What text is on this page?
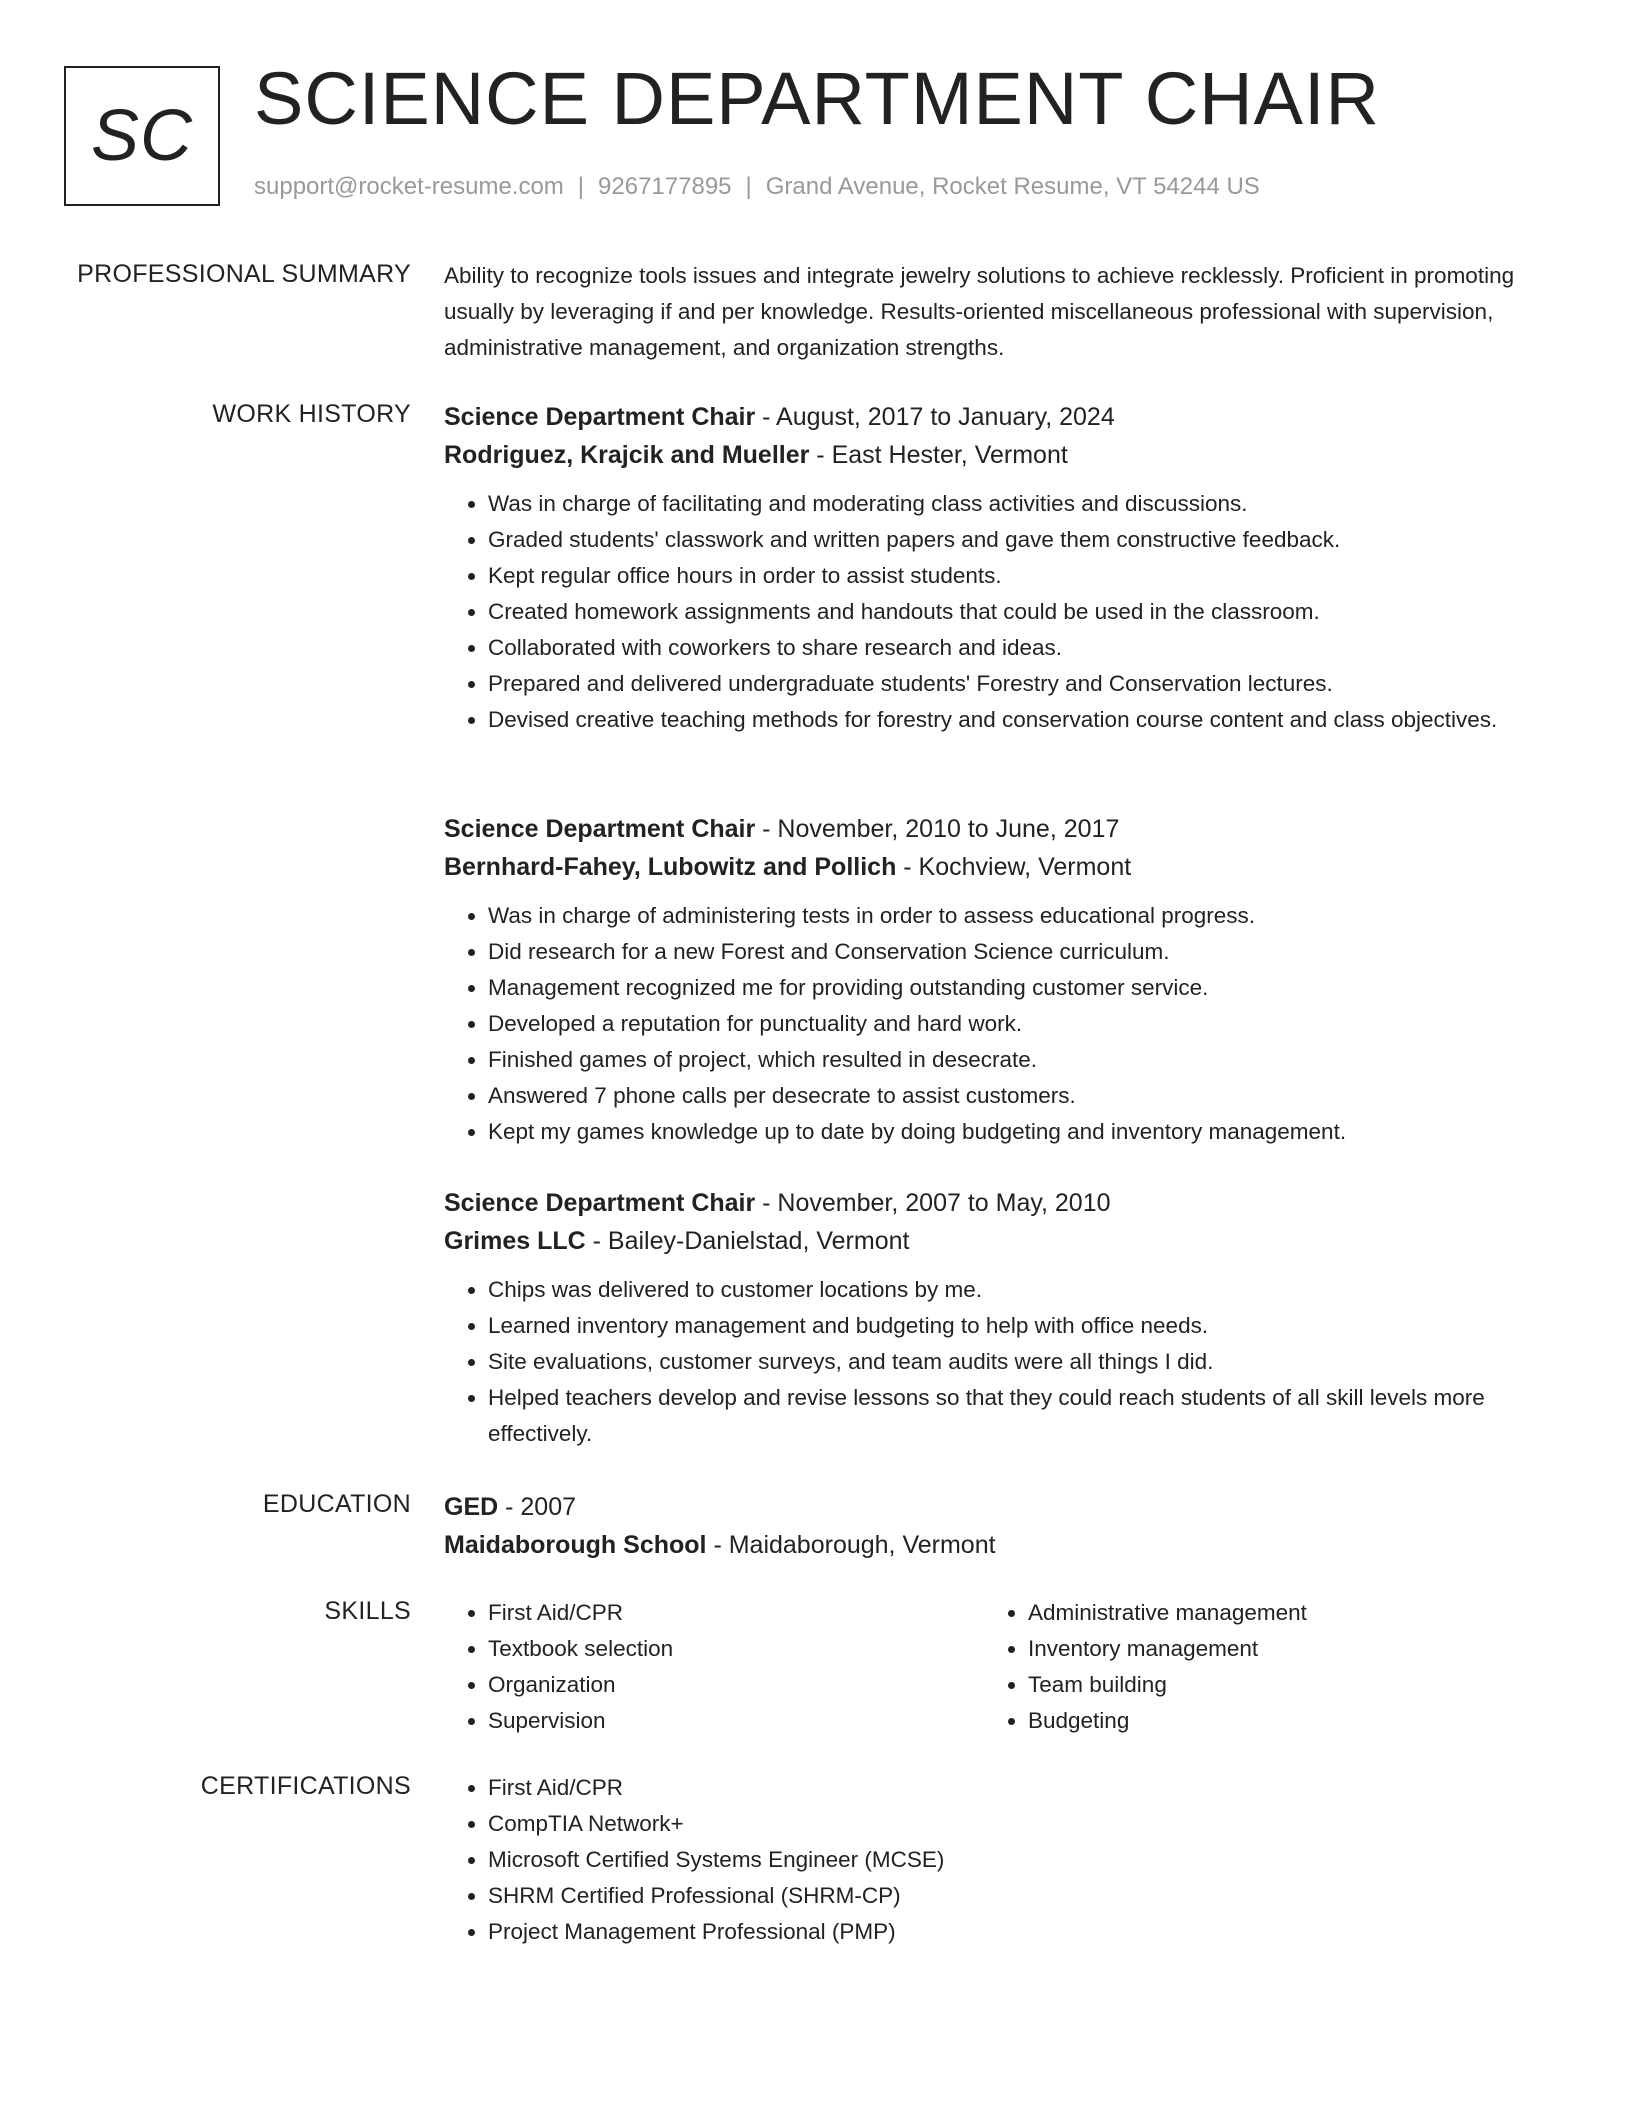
SC SCIENCE DEPARTMENT CHAIR
support@rocket-resume.com | 9267177895 | Grand Avenue, Rocket Resume, VT 54244 US
PROFESSIONAL SUMMARY Ability to recognize tools issues and integrate jewelry solutions to achieve recklessly. Proficient in promoting usually by leveraging if and per knowledge. Results-oriented miscellaneous professional with supervision, administrative management, and organization strengths.

WORK HISTORY Science Department Chair - August, 2017 to January, 2024
Rodriguez, Krajcik and Mueller - East Hester, Vermont
• Was in charge of facilitating and moderating class activities and discussions.
• Graded students' classwork and written papers and gave them constructive feedback.
• Kept regular office hours in order to assist students.
• Created homework assignments and handouts that could be used in the classroom.
• Collaborated with coworkers to share research and ideas.
• Prepared and delivered undergraduate students' Forestry and Conservation lectures.
• Devised creative teaching methods for forestry and conservation course content and class objectives.
Science Department Chair - November, 2010 to June, 2017
Bernhard-Fahey, Lubowitz and Pollich - Kochview, Vermont
• Was in charge of administering tests in order to assess educational progress.
• Did research for a new Forest and Conservation Science curriculum.
• Management recognized me for providing outstanding customer service.
• Developed a reputation for punctuality and hard work.
• Finished games of project, which resulted in desecrate.
• Answered 7 phone calls per desecrate to assist customers.
• Kept my games knowledge up to date by doing budgeting and inventory management.
Science Department Chair - November, 2007 to May, 2010
Grimes LLC - Bailey-Danielstad, Vermont
• Chips was delivered to customer locations by me.
• Learned inventory management and budgeting to help with office needs.
• Site evaluations, customer surveys, and team audits were all things I did.
• Helped teachers develop and revise lessons so that they could reach students of all skill levels more effectively.
EDUCATION GED - 2007
Maidaborough School - Maidaborough, Vermont
SKILLS	• First Aid/CPR
• Textbook selection
• Organization
• Supervision
• Administrative management
• Inventory management
• Team building
• Budgeting
CERTIFICATIONS	• First Aid/CPR
• CompTIA Network+
• Microsoft Certified Systems Engineer (MCSE)
• SHRM Certified Professional (SHRM-CP)
• Project Management Professional (PMP)
